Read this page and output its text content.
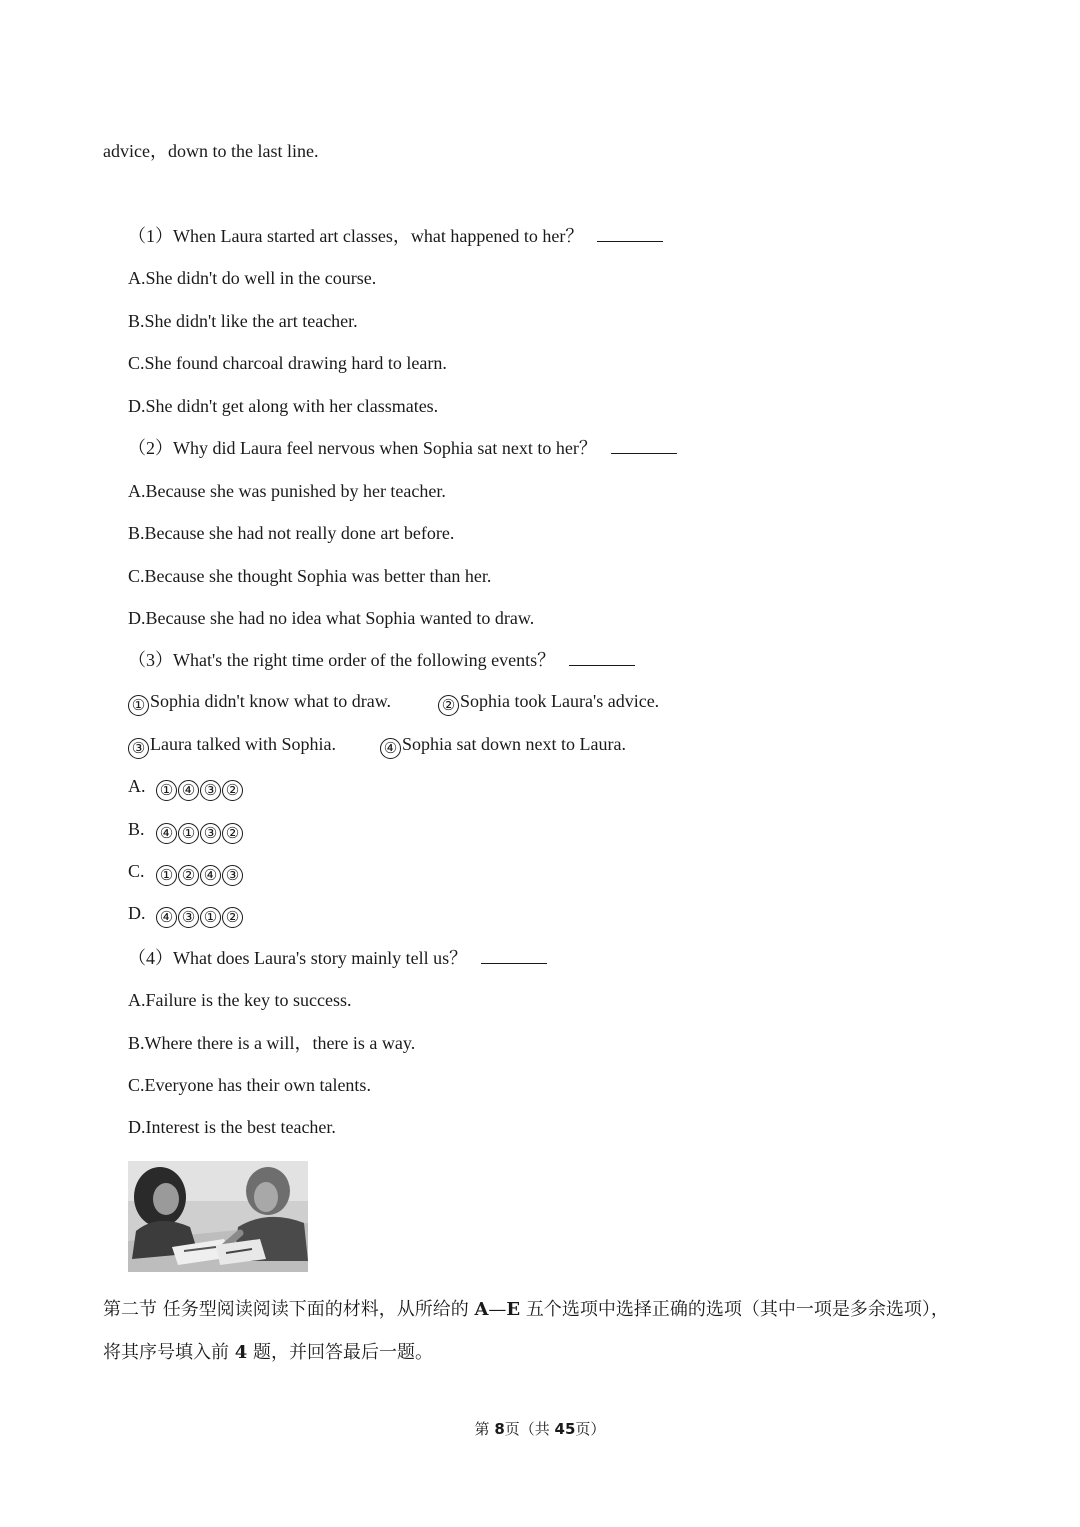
advice，down to the last line.
（1）When Laura started art classes，what happened to her？
A.She didn't do well in the course.
B.She didn't like the art teacher.
C.She found charcoal drawing hard to learn.
D.She didn't get along with her classmates.
（2）Why did Laura feel nervous when Sophia sat next to her？
A.Because she was punished by her teacher.
B.Because she had not really done art before.
C.Because she thought Sophia was better than her.
D.Because she had no idea what Sophia wanted to draw.
（3）What's the right time order of the following events？
① Sophia didn't know what to draw.	② Sophia took Laura's advice.
③ Laura talked with Sophia.	④ Sophia sat down next to Laura.
A. ① ④ ③ ②
B. ④ ① ③ ②
C. ① ② ④ ③
D. ④ ③ ① ②
（4）What does Laura's story mainly tell us？
A.Failure is the key to success.
B.Where there is a will，there is a way.
C.Everyone has their own talents.
D.Interest is the best teacher.
第二节 任务型阅读阅读下面的材料，从所给的 A—E 五个选项中选择正确的选项（其中一项是多余选项），
将其序号填入前 4 题，并回答最后一题。
第 8页（共 45页）
